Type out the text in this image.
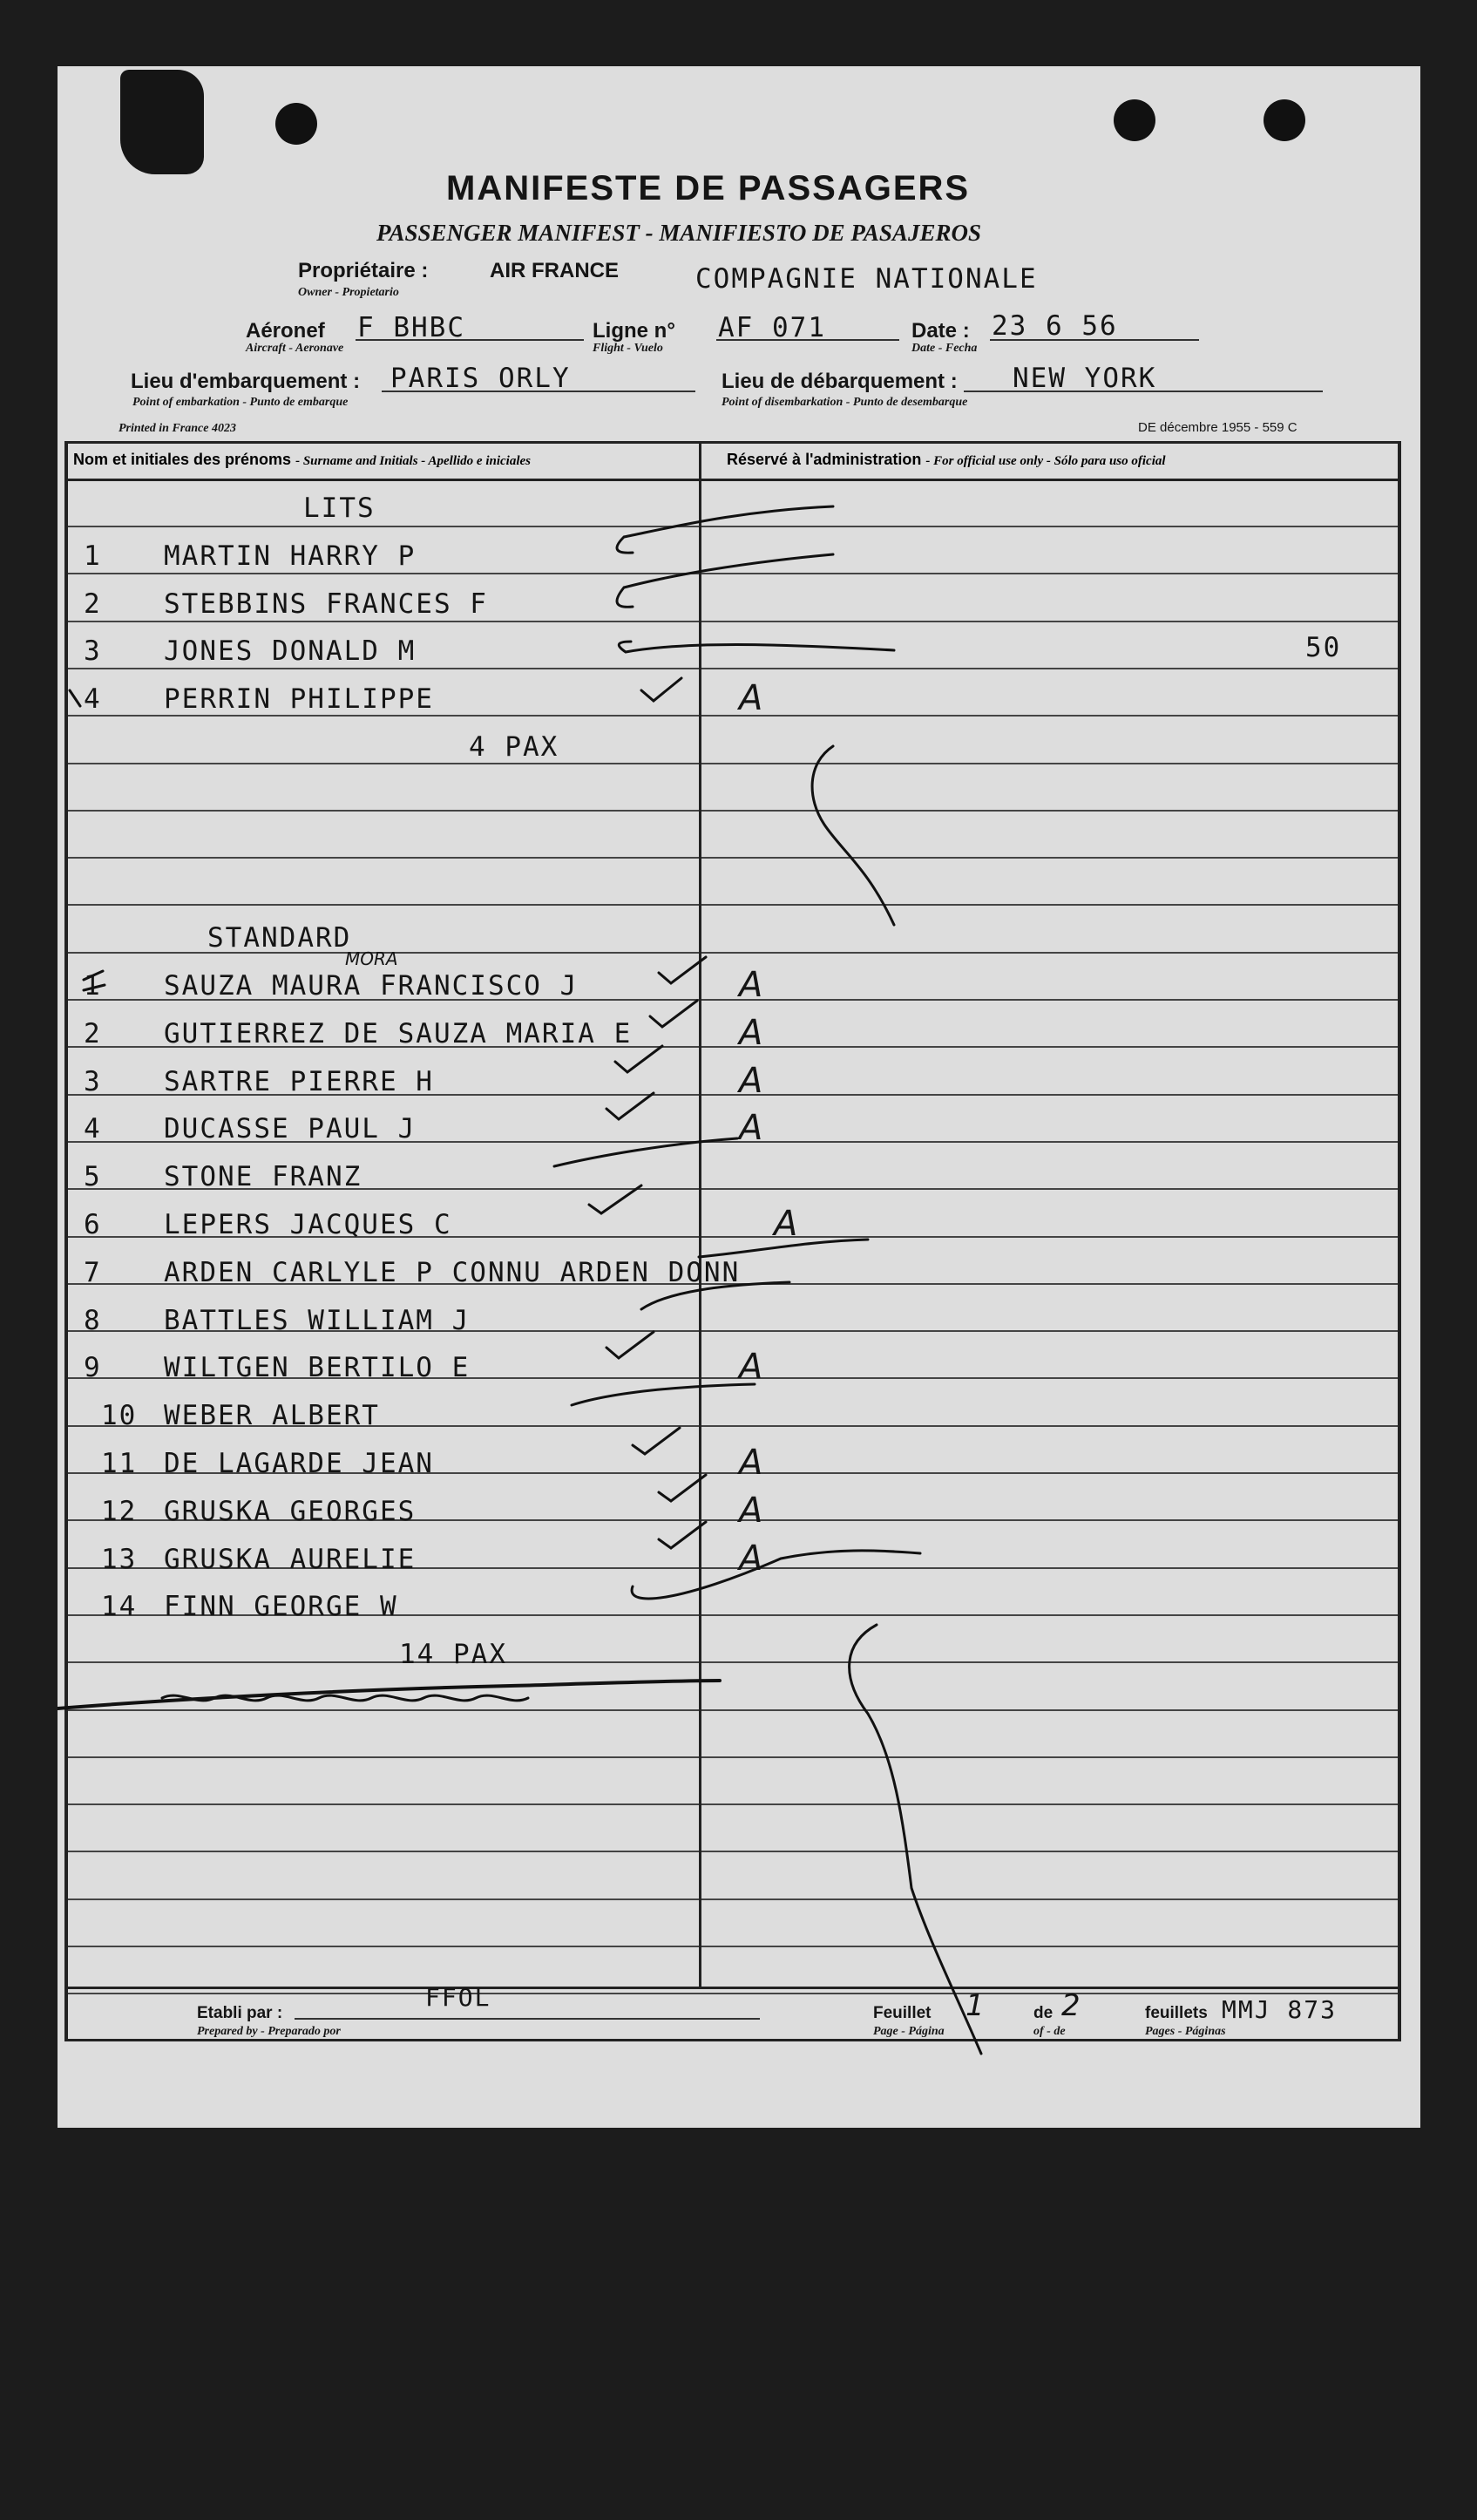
MANIFESTE DE PASSAGERS
PASSENGER MANIFEST - MANIFIESTO DE PASAJEROS
Propriétaire :
Owner - Propietario
AIR FRANCE	COMPAGNIE NATIONALE
Aéronef
Aircraft - Aeronave
F BHBC	Ligne n°
Flight - Vuelo
AF 071	Date :
Date - Fecha
23 6 56
Lieu d'embarquement :
Point of embarkation - Punto de embarque
PARIS ORLY	Lieu de débarquement :
Point of disembarkation - Punto de desembarque
NEW YORK
Printed in France 4023	DE décembre 1955 - 559 C
Nom et initiales des prénoms - Surname and Initials - Apellido e iniciales	Réservé à l'administration - For official use only - Sólo para uso oficial
LITS
1 MARTIN HARRY P
2 STEBBINS FRANCES F
3 JONES DONALD M	50
4 PERRIN PHILIPPE	A
4 PAX
STANDARD
1 SAUZA MAURA FRANCISCO J	A
2 GUTIERREZ DE SAUZA MARIA E	A
3 SARTRE PIERRE H	A
4 DUCASSE PAUL J	A
5 STONE FRANZ
6 LEPERS JACQUES C	A
7 ARDEN CARLYLE P CONNU ARDEN DONN
8 BATTLES WILLIAM J
9 WILTGEN BERTILO E	A
10 WEBER ALBERT
11 DE LAGARDE JEAN	A
12 GRUSKA GEORGES	A
13 GRUSKA AURELIE	A
14 FINN GEORGE W
14 PAX
Etabli par :
Prepared by - Preparado por
FFOL
Feuillet
Page - Página
1	de
of - de
2	feuillets
Pages - Páginas
MMJ 873
MORA
